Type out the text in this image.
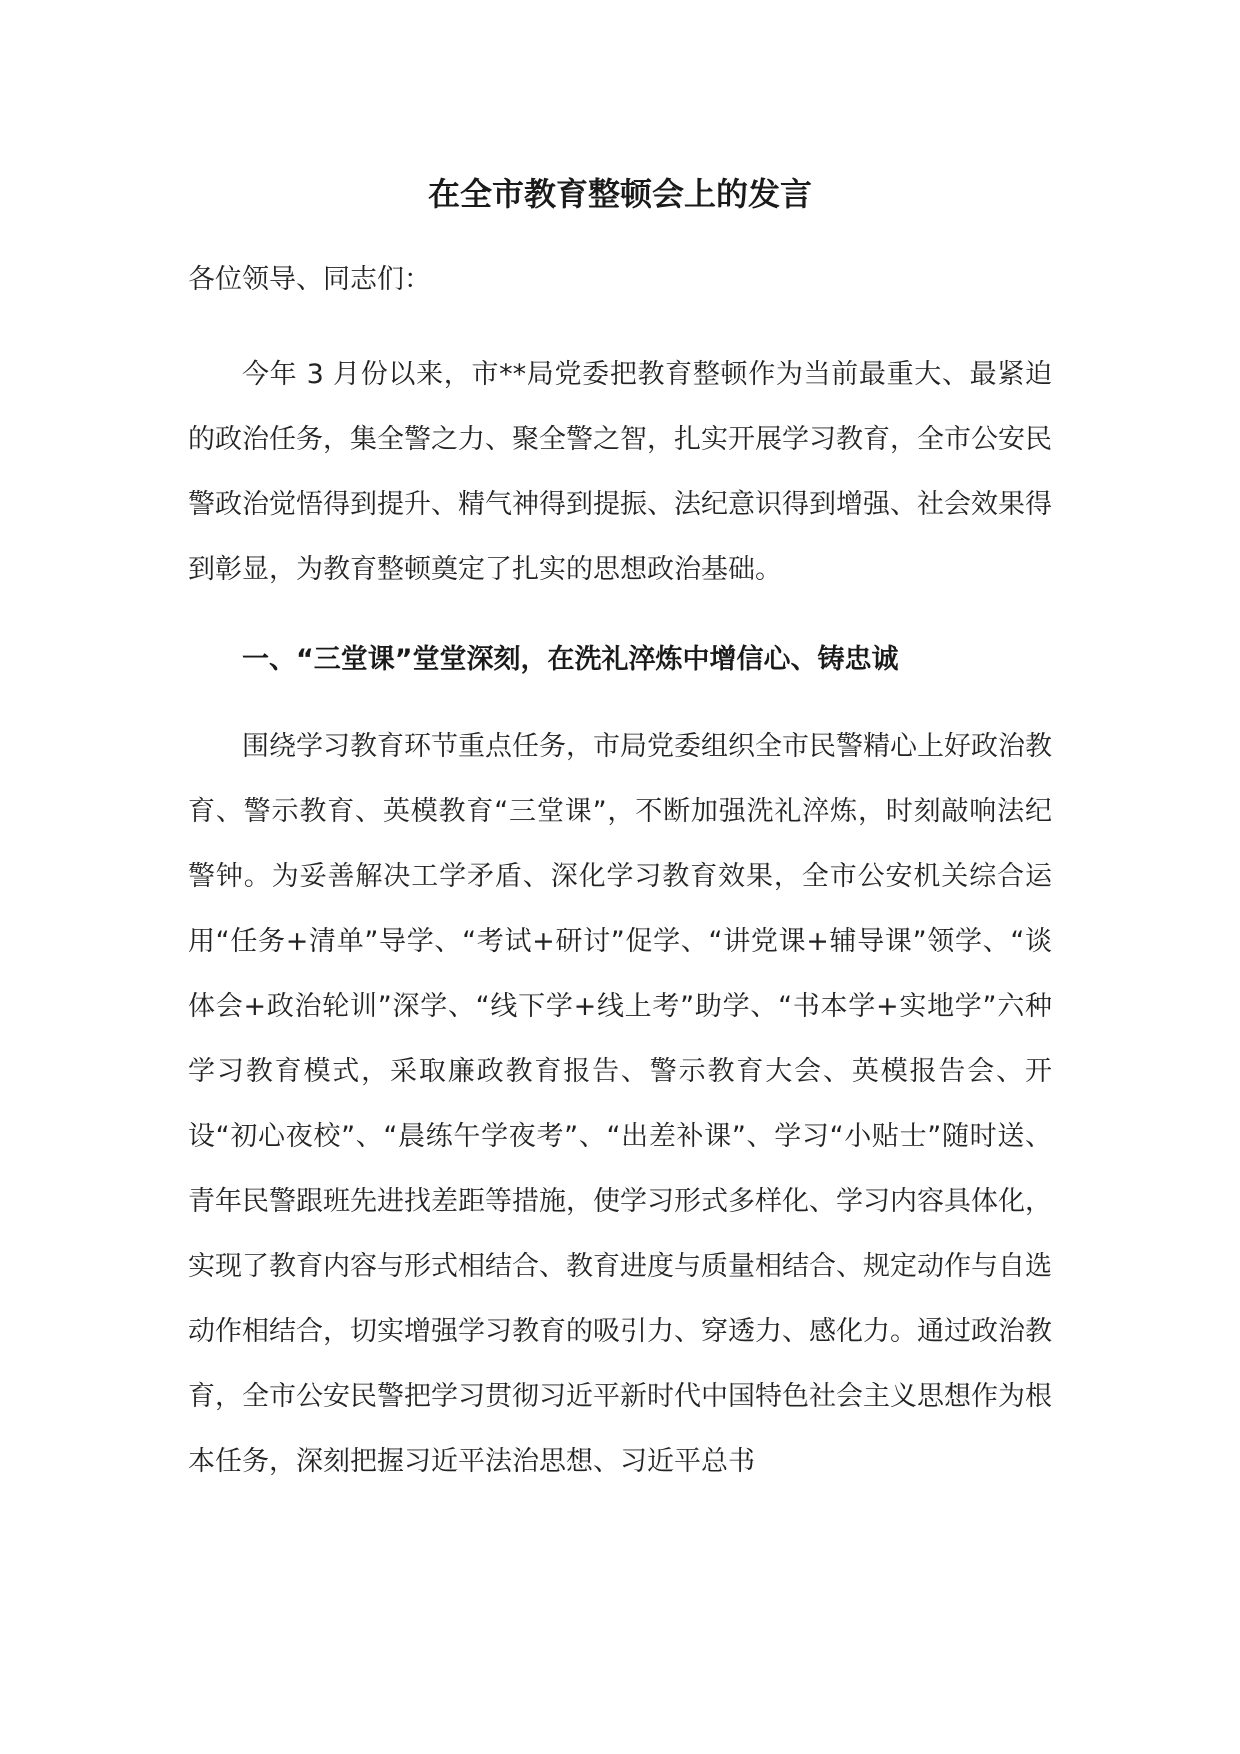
在全市教育整顿会上的发言

各位领导、同志们：

今年 3 月份以来，市**局党委把教育整顿作为当前最重大、最紧迫的政治任务，集全警之力、聚全警之智，扎实开展学习教育，全市公安民警政治觉悟得到提升、精气神得到提振、法纪意识得到增强、社会效果得到彰显，为教育整顿奠定了扎实的思想政治基础。

一、“三堂课”堂堂深刻，在洗礼淬炼中增信心、铸忠诚

围绕学习教育环节重点任务，市局党委组织全市民警精心上好政治教育、警示教育、英模教育“三堂课”，不断加强洗礼淬炼，时刻敲响法纪警钟。为妥善解决工学矛盾、深化学习教育效果，全市公安机关综合运用“任务+清单”导学、“考试+研讨”促学、“讲党课+辅导课”领学、“谈体会+政治轮训”深学、“线下学+线上考”助学、“书本学+实地学”六种学习教育模式，采取廉政教育报告、警示教育大会、英模报告会、开设“初心夜校”、“晨练午学夜考”、“出差补课”、学习“小贴士”随时送、青年民警跟班先进找差距等措施，使学习形式多样化、学习内容具体化，实现了教育内容与形式相结合、教育进度与质量相结合、规定动作与自选动作相结合，切实增强学习教育的吸引力、穿透力、感化力。通过政治教育，全市公安民警把学习贯彻习近平新时代中国特色社会主义思想作为根本任务，深刻把握习近平法治思想、习近平总书
